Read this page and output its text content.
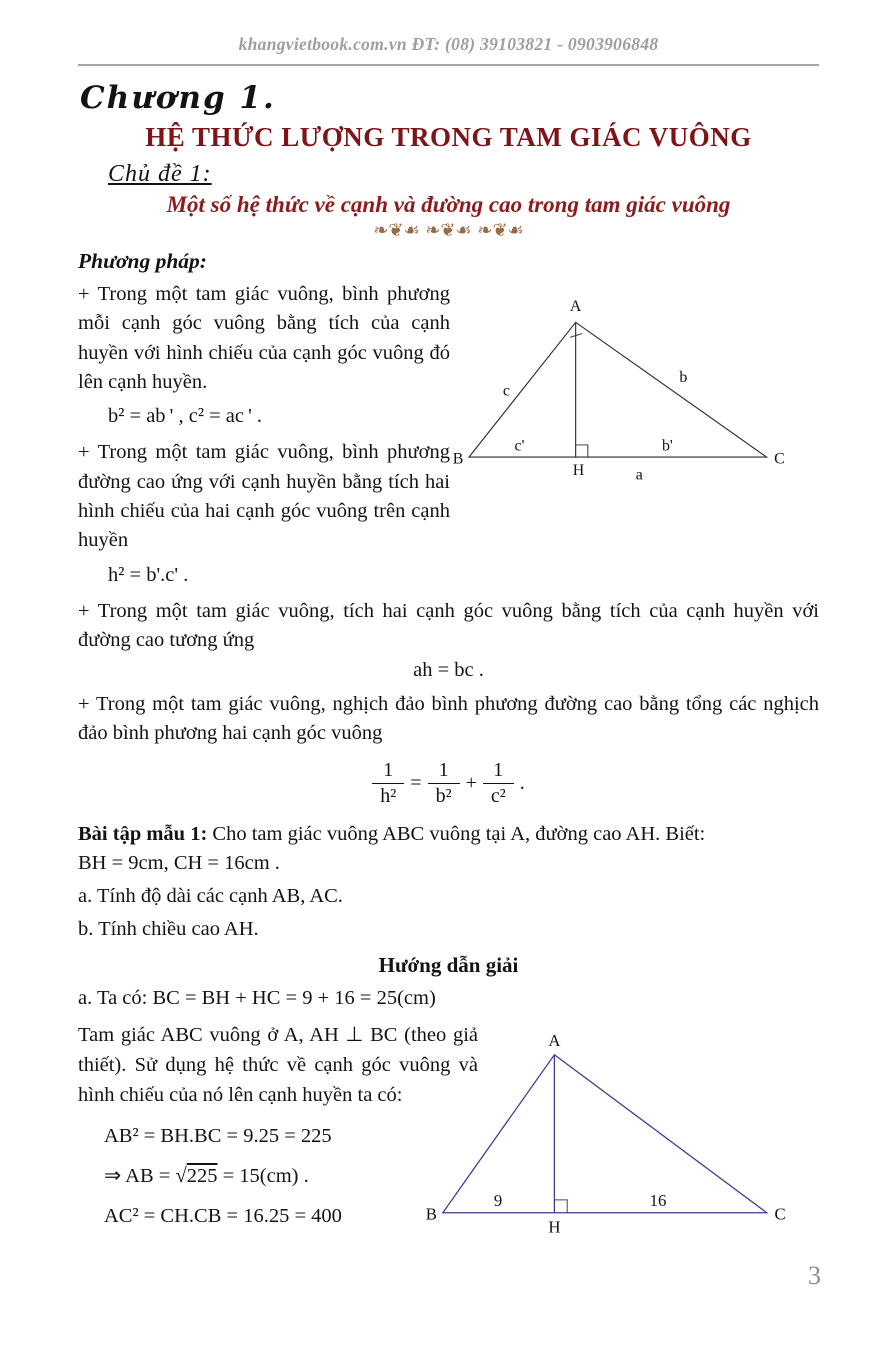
khangvietbook.com.vn ĐT: (08) 39103821 - 0903906848
Chương 1.
HỆ THỨC LƯỢNG TRONG TAM GIÁC VUÔNG
Chủ đề 1:
Một số hệ thức về cạnh và đường cao trong tam giác vuông
❧❦☙ ❧❦☙ ❧❦☙
Phương pháp:

+ Trong một tam giác vuông, bình phương mỗi cạnh góc vuông bằng tích của cạnh huyền với hình chiếu của cạnh góc vuông đó lên cạnh huyền.

b² = ab ' , c² = ac ' .

+ Trong một tam giác vuông, bình phương đường cao ứng với cạnh huyền bằng tích hai hình chiếu của hai cạnh góc vuông trên cạnh huyền

h² = b'.c' .
A
B	C
H	a
c
b
c'	b'

+ Trong một tam giác vuông, tích hai cạnh góc vuông bằng tích của cạnh huyền với đường cao tương ứng

ah = bc .

+ Trong một tam giác vuông, nghịch đảo bình phương đường cao bằng tổng các nghịch đảo bình phương hai cạnh góc vuông

$\frac{1}{\text{h²}} = \frac{1}{\text{b²}} + \frac{1}{\text{c²}}$ .

Bài tập mẫu 1: Cho tam giác vuông ABC vuông tại A, đường cao AH. Biết:

BH = 9cm, CH = 16cm .

a. Tính độ dài các cạnh AB, AC.

b. Tính chiều cao AH.

Hướng dẫn giải

a. Ta có: BC = BH + HC = 9 + 16 = 25(cm)

Tam giác ABC vuông ở A, AH ⊥ BC (theo giả thiết). Sử dụng hệ thức về cạnh góc vuông và hình chiếu của nó lên cạnh huyền ta có:

AB² = BH.BC = 9.25 = 225
⇒ AB = √225 = 15(cm) .
AC² = CH.CB = 16.25 = 400
A
B	C
H
9	16
3
